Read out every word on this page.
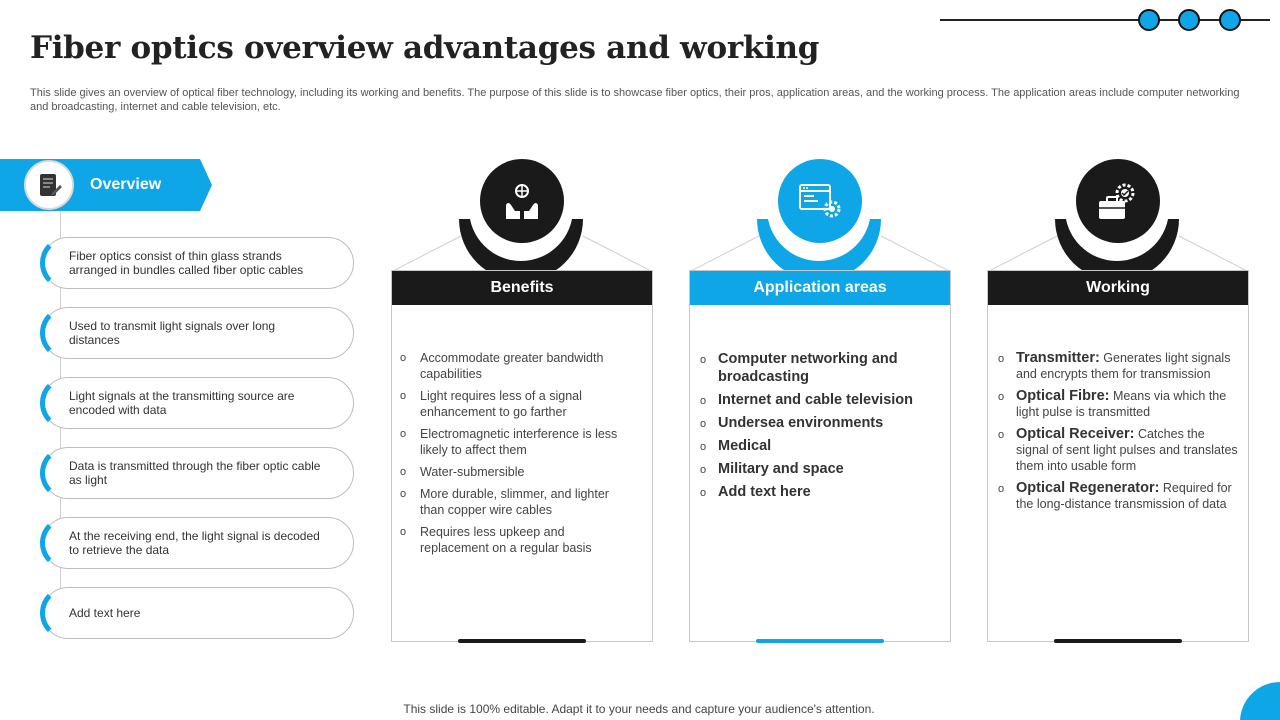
Fiber optics overview advantages and working

This slide gives an overview of optical fiber technology, including its working and benefits. The purpose of this slide is to showcase fiber optics, their pros, application areas, and the working process. The application areas include computer networking and broadcasting, internet and cable television, etc.

Overview
Fiber optics consist of thin glass strands arranged in bundles called fiber optic cables
Used to transmit light signals over long distances
Light signals at the transmitting source are encoded with data
Data is transmitted through the fiber optic cable as light
At the receiving end, the light signal is decoded to retrieve the data
Add text here
Benefits
o Accommodate greater bandwidth capabilities
o Light requires less of a signal enhancement to go farther
o Electromagnetic interference is less likely to affect them
o Water-submersible
o More durable, slimmer, and lighter than copper wire cables
o Requires less upkeep and replacement on a regular basis
Application areas
o Computer networking and broadcasting
o Internet and cable television
o Undersea environments
o Medical
o Military and space
o Add text here
Working
o Transmitter: Generates light signals and encrypts them for transmission
o Optical Fibre: Means via which the light pulse is transmitted
o Optical Receiver: Catches the signal of sent light pulses and translates them into usable form
o Optical Regenerator: Required for the long-distance transmission of data
This slide is 100% editable. Adapt it to your needs and capture your audience's attention.
